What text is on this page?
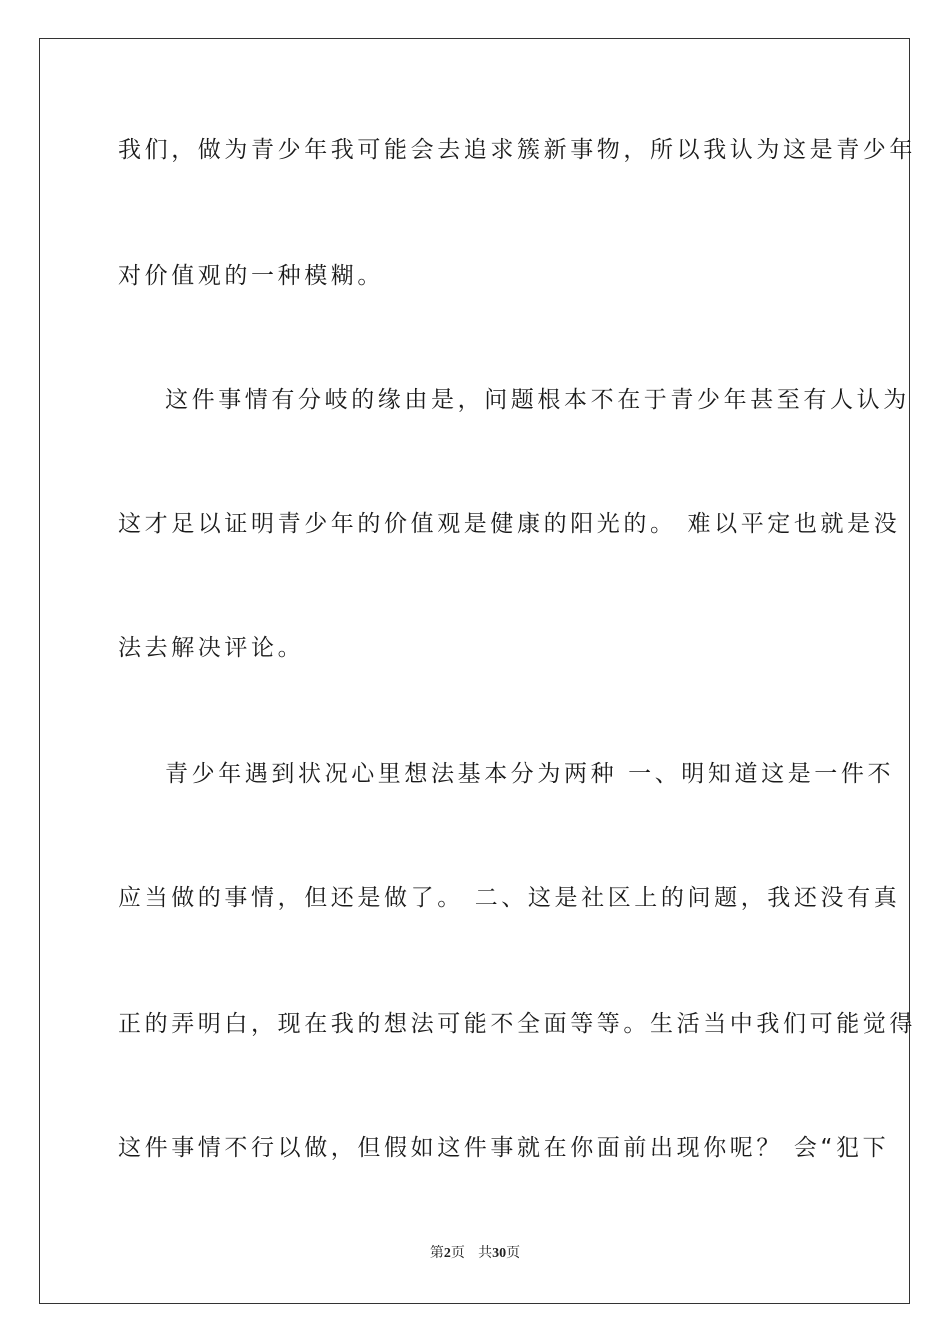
我们，做为青少年我可能会去追求簇新事物，所以我认为这是青少年
对价值观的一种模糊。
这件事情有分岐的缘由是，问题根本不在于青少年甚至有人认为
这才足以证明青少年的价值观是健康的阳光的。 难以平定也就是没
法去解决评论。
青少年遇到状况心里想法基本分为两种 一、明知道这是一件不
应当做的事情，但还是做了。 二、这是社区上的问题，我还没有真
正的弄明白，现在我的想法可能不全面等等。生活当中我们可能觉得
这件事情不行以做，但假如这件事就在你面前出现你呢？ 会“犯下
第2页 共30页
